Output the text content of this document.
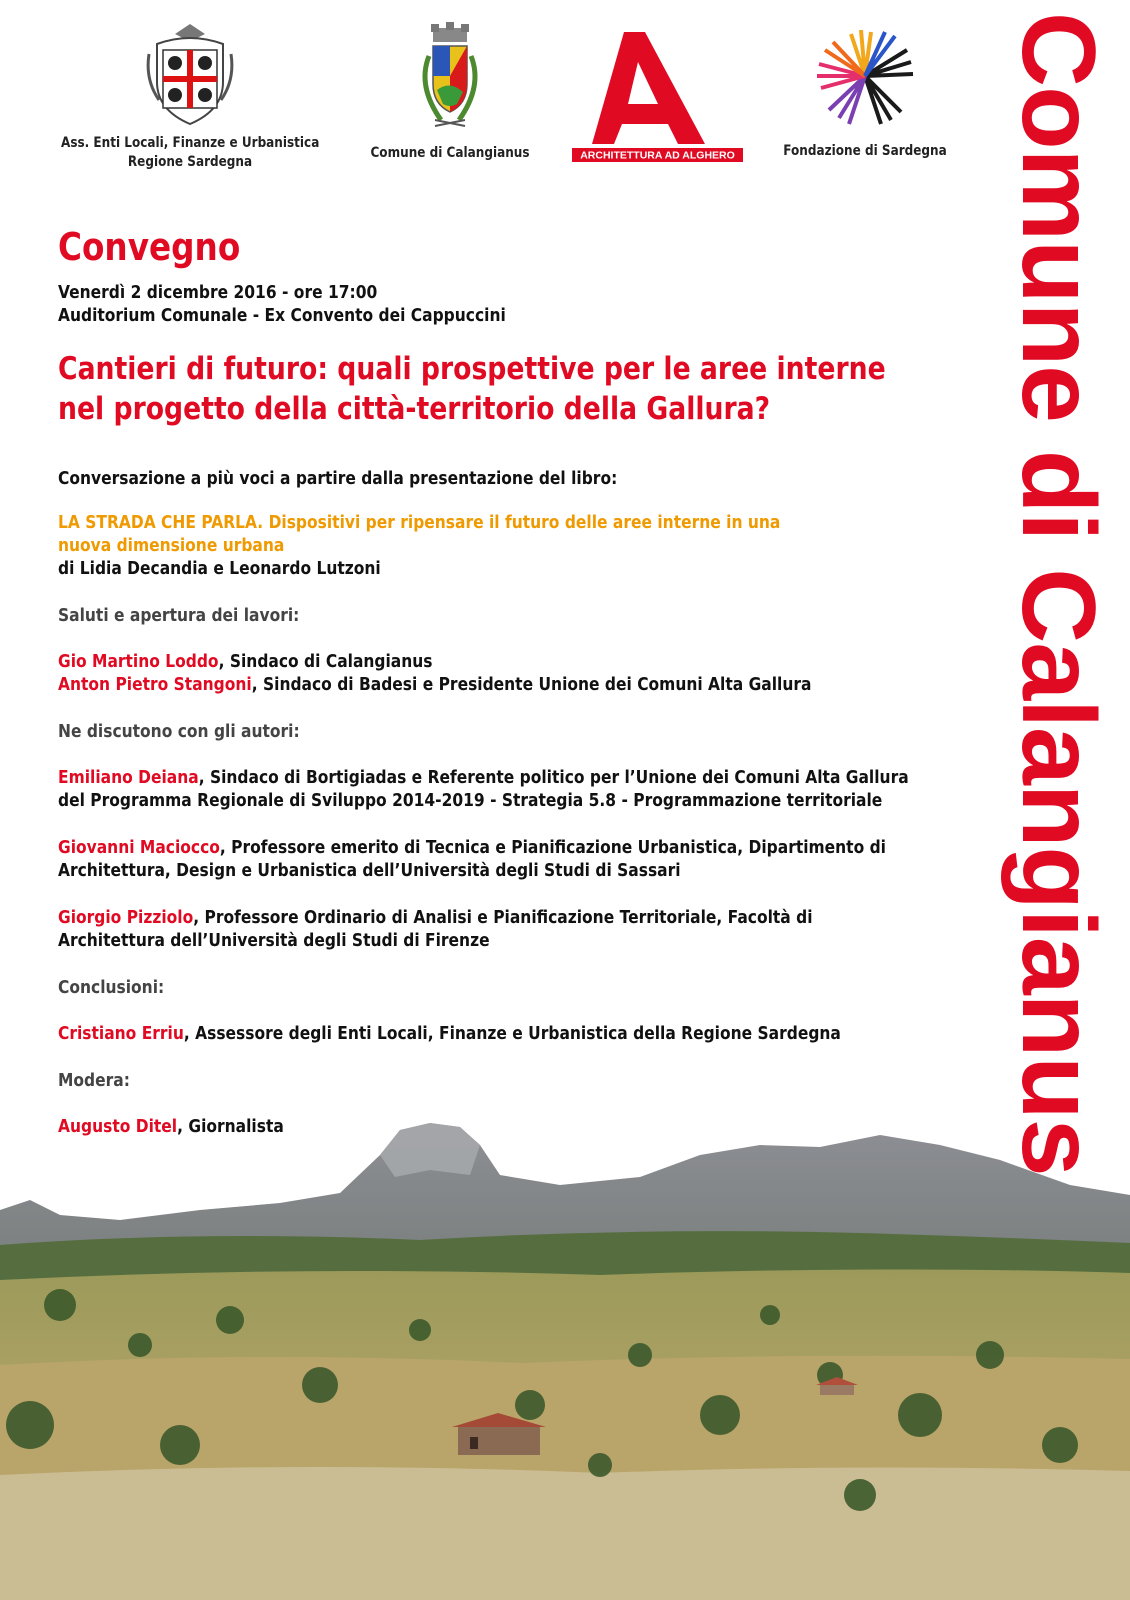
Ass. Enti Locali, Finanze e Urbanistica
Regione Sardegna
Comune di Calangianus	ARCHITETTURA AD ALGHERO	Fondazione di Sardegna Comune di Calangianus
Convegno
Venerdì 2 dicembre 2016 - ore 17:00
Auditorium Comunale - Ex Convento dei Cappuccini
Cantieri di futuro: quali prospettive per le aree interne
nel progetto della città-territorio della Gallura?
Conversazione a più voci a partire dalla presentazione del libro:
LA STRADA CHE PARLA. Dispositivi per ripensare il futuro delle aree interne in una
nuova dimensione urbana
di Lidia Decandia e Leonardo Lutzoni
Saluti e apertura dei lavori:
Gio Martino Loddo, Sindaco di Calangianus
Anton Pietro Stangoni, Sindaco di Badesi e Presidente Unione dei Comuni Alta Gallura
Ne discutono con gli autori:
Emiliano Deiana, Sindaco di Bortigiadas e Referente politico per l’Unione dei Comuni Alta Gallura
del Programma Regionale di Sviluppo 2014-2019 - Strategia 5.8 - Programmazione territoriale
Giovanni Maciocco, Professore emerito di Tecnica e Pianificazione Urbanistica, Dipartimento di
Architettura, Design e Urbanistica dell’Università degli Studi di Sassari
Giorgio Pizziolo, Professore Ordinario di Analisi e Pianificazione Territoriale, Facoltà di
Architettura dell’Università degli Studi di Firenze
Conclusioni:
Cristiano Erriu, Assessore degli Enti Locali, Finanze e Urbanistica della Regione Sardegna
Modera:
Augusto Ditel, Giornalista
